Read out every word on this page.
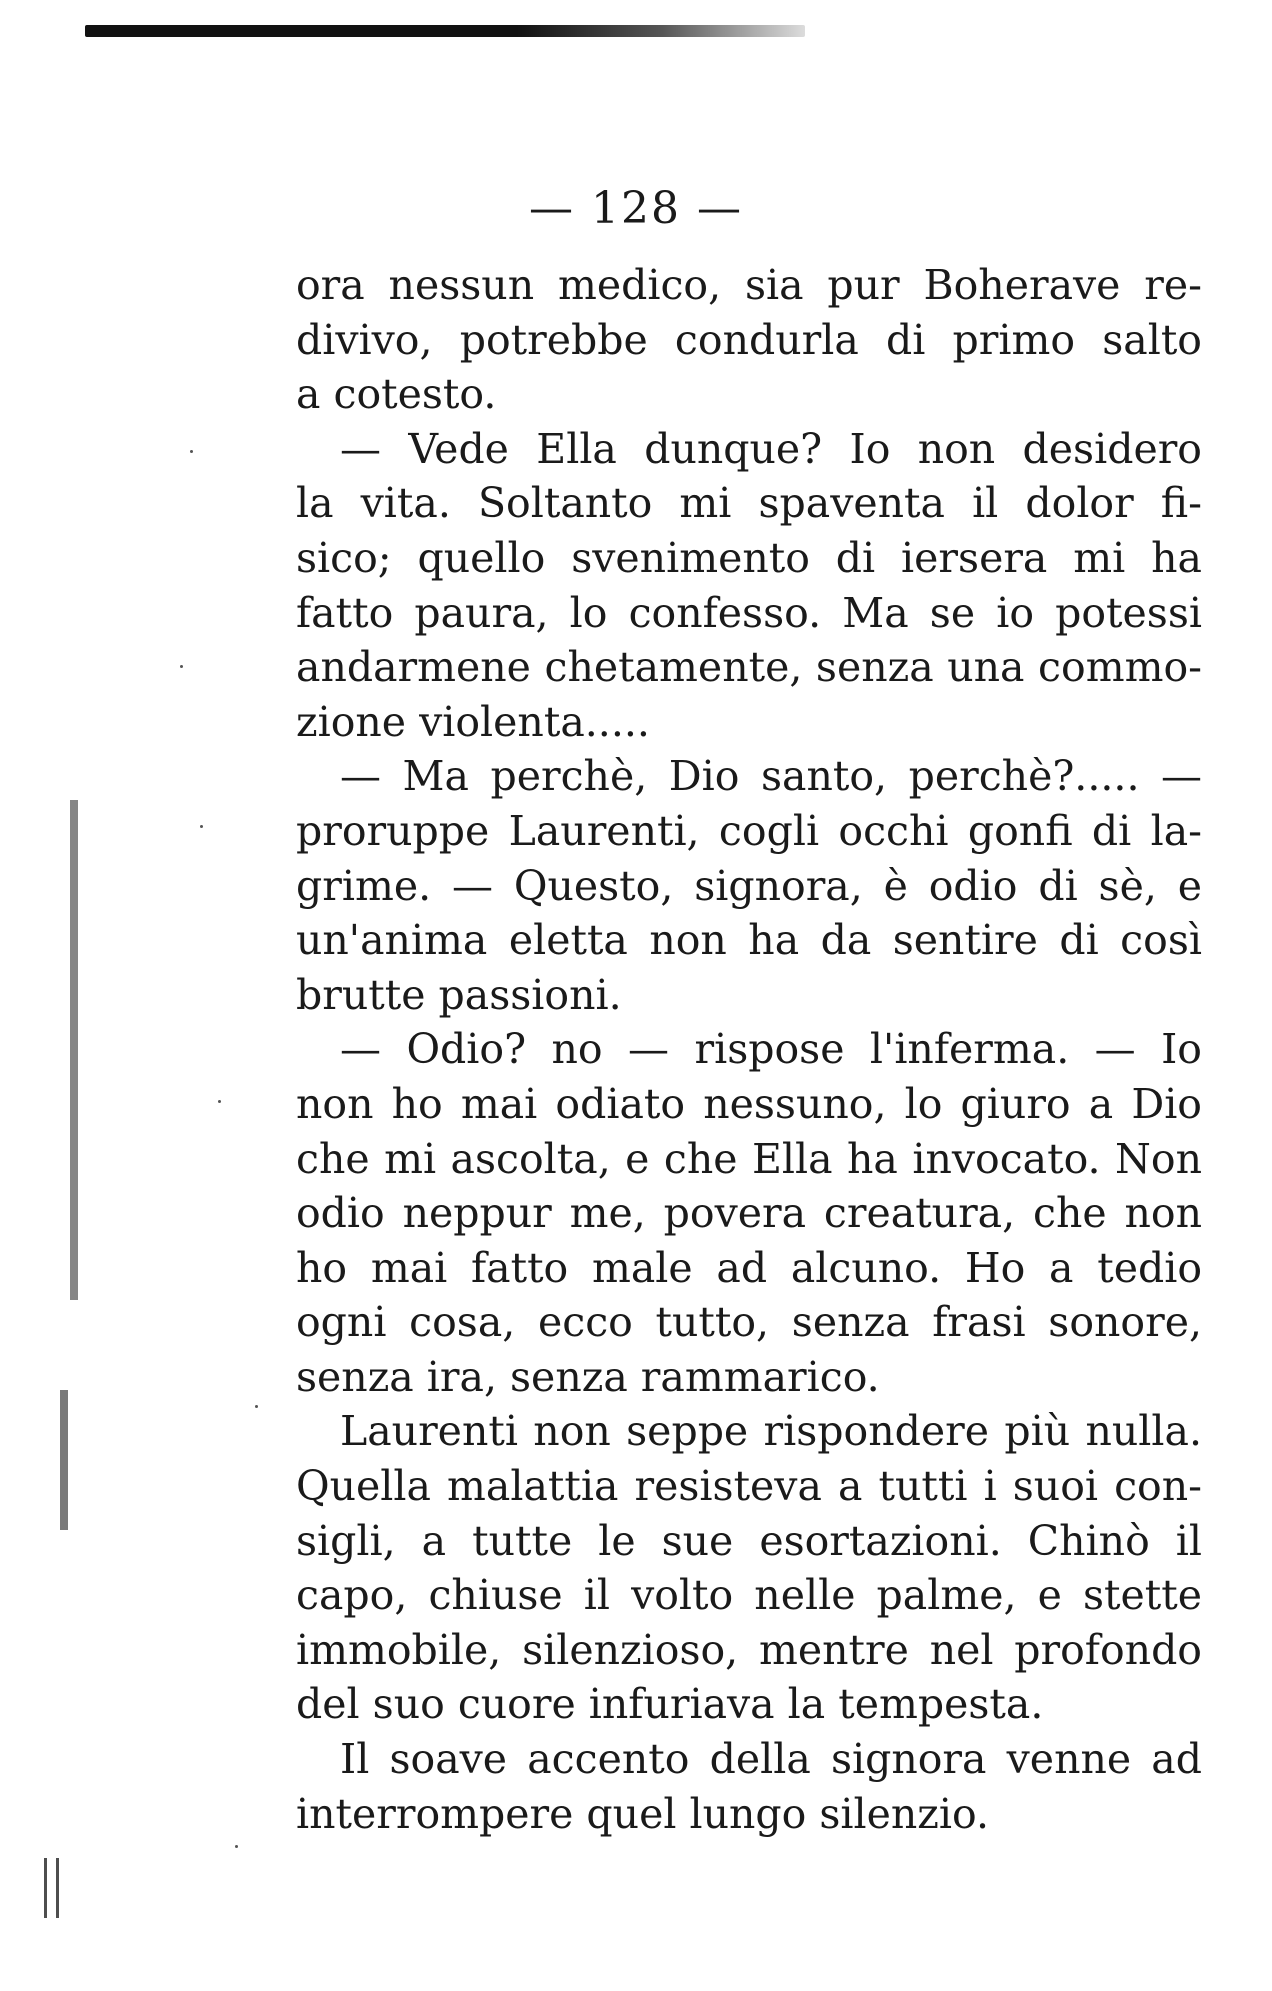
— 128 —
ora nessun medico, sia pur Boherave re-
divivo, potrebbe condurla di primo salto
a cotesto.
— Vede Ella dunque? Io non desidero
la vita. Soltanto mi spaventa il dolor fi-
sico; quello svenimento di iersera mi ha
fatto paura, lo confesso. Ma se io potessi
andarmene chetamente, senza una commo-
zione violenta.....
— Ma perchè, Dio santo, perchè?..... —
proruppe Laurenti, cogli occhi gonfi di la-
grime. — Questo, signora, è odio di sè, e
un'anima eletta non ha da sentire di così
brutte passioni.
— Odio? no — rispose l'inferma. — Io
non ho mai odiato nessuno, lo giuro a Dio
che mi ascolta, e che Ella ha invocato. Non
odio neppur me, povera creatura, che non
ho mai fatto male ad alcuno. Ho a tedio
ogni cosa, ecco tutto, senza frasi sonore,
senza ira, senza rammarico.
Laurenti non seppe rispondere più nulla.
Quella malattia resisteva a tutti i suoi con-
sigli, a tutte le sue esortazioni. Chinò il
capo, chiuse il volto nelle palme, e stette
immobile, silenzioso, mentre nel profondo
del suo cuore infuriava la tempesta.
Il soave accento della signora venne ad
interrompere quel lungo silenzio.
